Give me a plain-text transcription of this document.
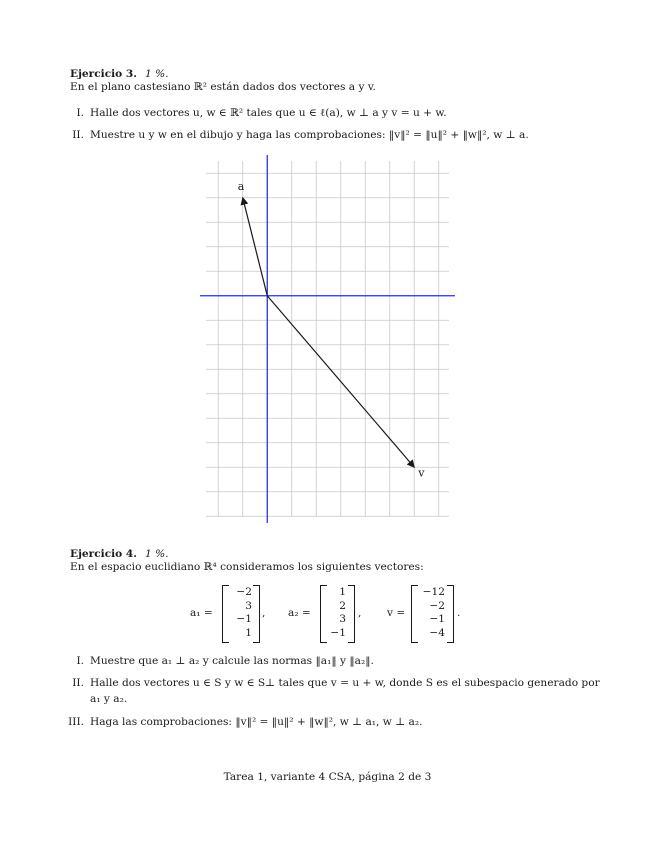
Ejercicio 3. 1 %.
En el plano castesiano ℝ² están dados dos vectores a y v.
I. Halle dos vectores u, w ∈ ℝ² tales que u ∈ ℓ(a), w ⊥ a y v = u + w.
II. Muestre u y w en el dibujo y haga las comprobaciones: ‖v‖² = ‖u‖² + ‖w‖², w ⊥ a.
a
v
Ejercicio 4. 1 %.
En el espacio euclidiano ℝ⁴ consideramos los siguientes vectores:
a₁ =
−2
3
−1
1
, a₂ =
1
2
3
−1
, v =
−12
−2
−1
−4
.
I. Muestre que a₁ ⊥ a₂ y calcule las normas ‖a₁‖ y ‖a₂‖.
II. Halle dos vectores u ∈ S y w ∈ S⊥ tales que v = u + w, donde S es el subespacio generado por
a₁ y a₂.
III. Haga las comprobaciones: ‖v‖² = ‖u‖² + ‖w‖², w ⊥ a₁, w ⊥ a₂.
Tarea 1, variante 4 CSA, página 2 de 3
